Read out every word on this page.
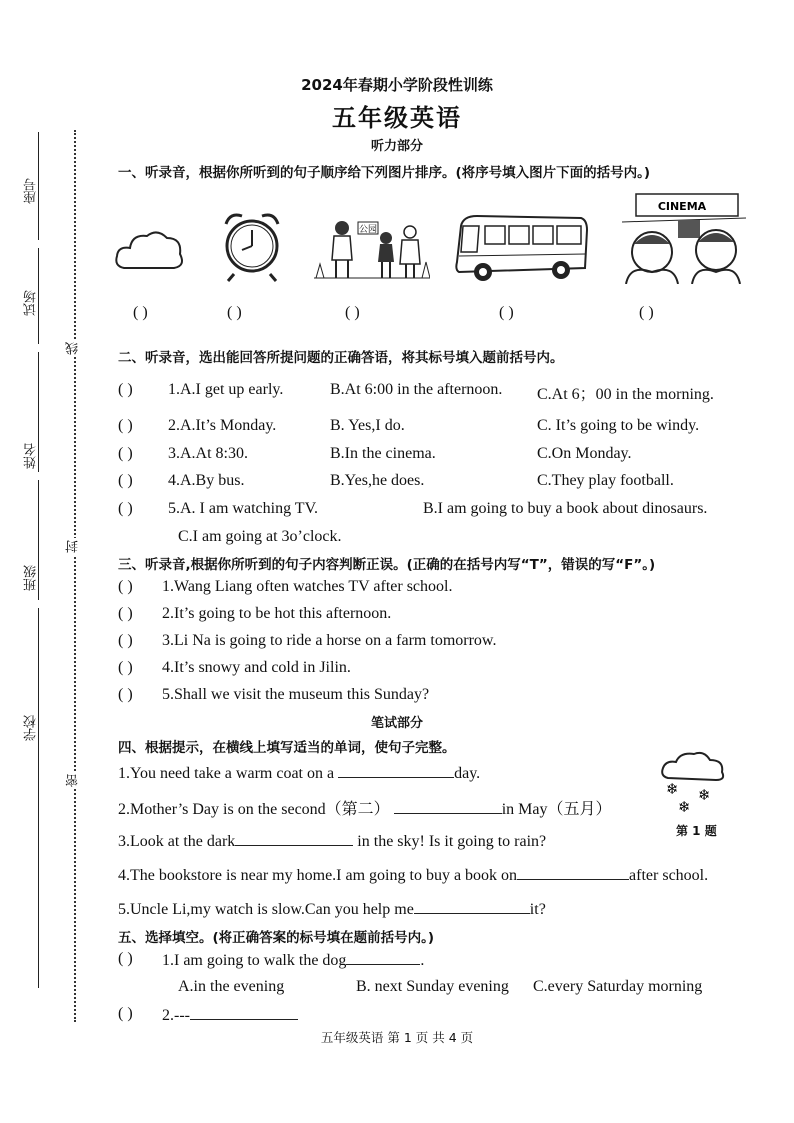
座号
试场
姓名
班级
学校
线
封
密
2024年春期小学阶段性训练
五年级英语
听力部分
一、听录音，根据你所听到的句子顺序给下列图片排序。(将序号填入图片下面的括号内。)
公园
CINEMA
( )	( )	( )	( )	( )
二、听录音，选出能回答所提问题的正确答语，将其标号填入题前括号内。
( ) 1.A.I get up early.	B.At 6:00 in the afternoon. C.At 6；00 in the morning.
( ) 2.A.It’s Monday.	B. Yes,I do.	C. It’s going to be windy.
( ) 3.A.At 8:30.	B.In the cinema.	C.On Monday.
( ) 4.A.By bus.	B.Yes,he does.	C.They play football.
( ) 5.A. I am watching TV.	B.I am going to buy a book about dinosaurs.
C.I am going at 3o’clock.
三、听录音,根据你所听到的句子内容判断正误。(正确的在括号内写“T”，错误的写“F”。)
( ) 1.Wang Liang often watches TV after school.
( ) 2.It’s going to be hot this afternoon.
( ) 3.Li Na is going to ride a horse on a farm tomorrow.
( ) 4.It’s snowy and cold in Jilin.
( ) 5.Shall we visit the museum this Sunday?
笔试部分
四、根据提示，在横线上填写适当的单词，使句子完整。
1.You need take a warm coat on a	day.
2.Mother’s Day is on the second（第二）	in May（五月）
3.Look at the dark	in the sky! Is it going to rain?
4.The bookstore is near my home.I am going to buy a book on	after school.
5.Uncle Li,my watch is slow.Can you help me	it?
❄ ❄
❄
第 1 题
五、选择填空。(将正确答案的标号填在题前括号内。)
( ) 1.I am going to walk the dog	.
A.in the evening	B. next Sunday evening C.every Saturday morning
( ) 2.---
五年级英语 第 1 页 共 4 页
